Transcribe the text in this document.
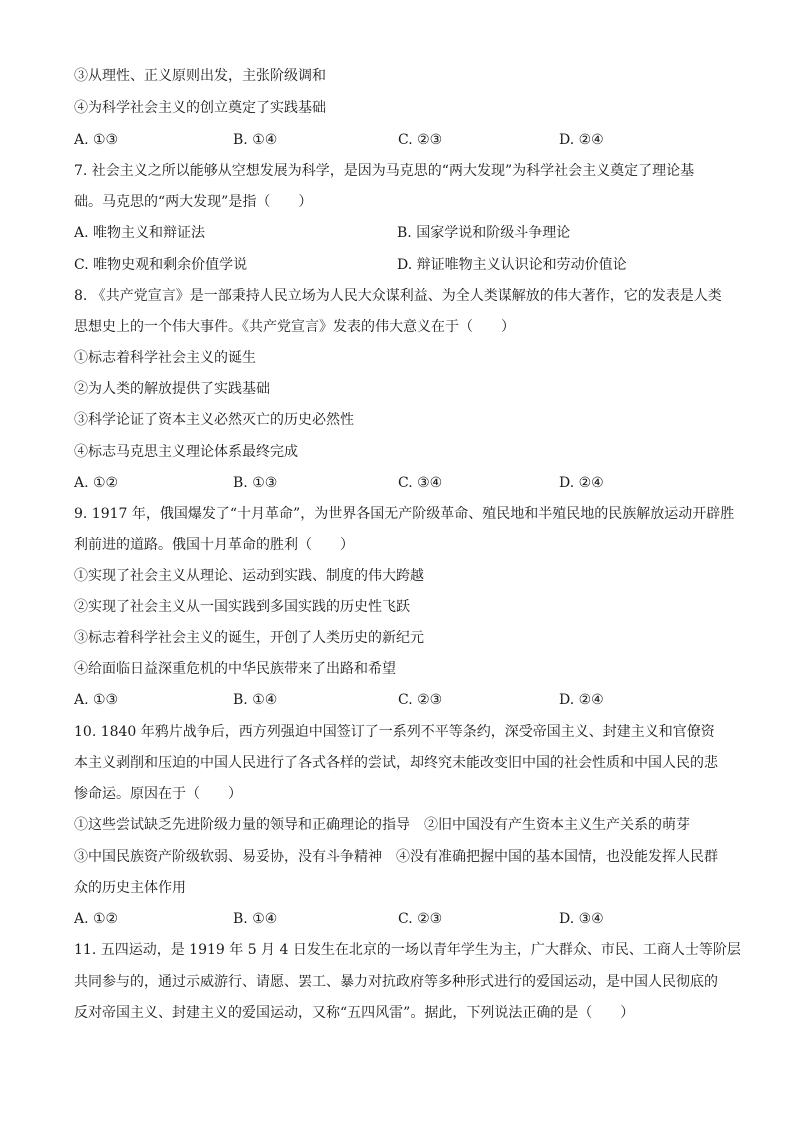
③从理性、正义原则出发，主张阶级调和
④为科学社会主义的创立奠定了实践基础
A. ①③	B. ①④	C. ②③	D. ②④
7. 社会主义之所以能够从空想发展为科学，是因为马克思的“两大发现”为科学社会主义奠定了理论基
础。马克思的“两大发现”是指（　　）
A. 唯物主义和辩证法	B. 国家学说和阶级斗争理论
C. 唯物史观和剩余价值学说	D. 辩证唯物主义认识论和劳动价值论
8. 《共产党宣言》是一部秉持人民立场为人民大众谋利益、为全人类谋解放的伟大著作，它的发表是人类
思想史上的一个伟大事件。《共产党宣言》发表的伟大意义在于（　　）
①标志着科学社会主义的诞生
②为人类的解放提供了实践基础
③科学论证了资本主义必然灭亡的历史必然性
④标志马克思主义理论体系最终完成
A. ①②	B. ①③	C. ③④	D. ②④
9. 1917 年，俄国爆发了“十月革命”，为世界各国无产阶级革命、殖民地和半殖民地的民族解放运动开辟胜
利前进的道路。俄国十月革命的胜利（　　）
①实现了社会主义从理论、运动到实践、制度的伟大跨越
②实现了社会主义从一国实践到多国实践的历史性飞跃
③标志着科学社会主义的诞生，开创了人类历史的新纪元
④给面临日益深重危机的中华民族带来了出路和希望
A. ①③	B. ①④	C. ②③	D. ②④
10. 1840 年鸦片战争后，西方列强迫中国签订了一系列不平等条约，深受帝国主义、封建主义和官僚资
本主义剥削和压迫的中国人民进行了各式各样的尝试，却终究未能改变旧中国的社会性质和中国人民的悲
惨命运。原因在于（　　）
①这些尝试缺乏先进阶级力量的领导和正确理论的指导　②旧中国没有产生资本主义生产关系的萌芽
③中国民族资产阶级软弱、易妥协，没有斗争精神　④没有准确把握中国的基本国情，也没能发挥人民群
众的历史主体作用
A. ①②	B. ①④	C. ②③	D. ③④
11. 五四运动，是 1919 年 5 月 4 日发生在北京的一场以青年学生为主，广大群众、市民、工商人士等阶层
共同参与的，通过示威游行、请愿、罢工、暴力对抗政府等多种形式进行的爱国运动，是中国人民彻底的
反对帝国主义、封建主义的爱国运动，又称“五四风雷”。据此，下列说法正确的是（　　）
